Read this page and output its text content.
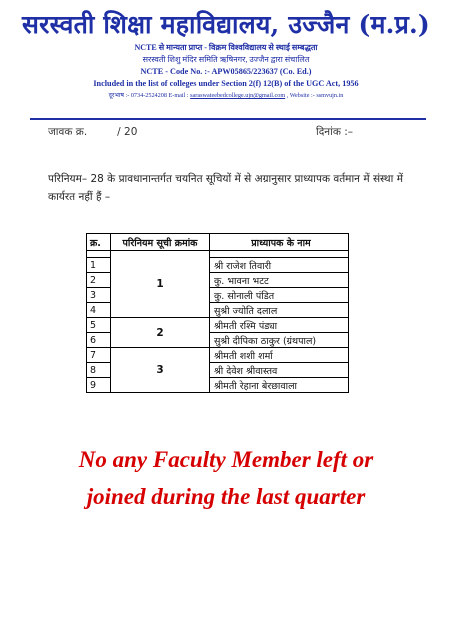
सरस्वती शिक्षा महाविद्यालय, उज्जैन (म.प्र.)
NCTE से मान्यता प्राप्त - विक्रम विश्वविद्यालय से स्थाई सम्बद्धता
सरस्वती शिशु मंदिर समिति ऋषिनगर, उज्जैन द्वारा संचालित
NCTE - Code No. :- APW05865/223637 (Co. Ed.)
Included in the list of colleges under Section 2(f) 12(B) of the UGC Act, 1956
दूरभाष :- 0734-2524208 E-mail : saraswateebedcollege.ujn@gmail.com , Website :- ssmvujn.in
जावक क्र.	/ 20	दिनांक :–
परिनियम– 28 के प्रावधानान्तर्गत चयनित सूचियों में से अग्रानुसार प्राध्यापक वर्तमान में संस्था में कार्यरत नहीं हैं –
क्र.	परिनियम सूची क्रमांक	प्राध्यापक के नाम
	1	
1		श्री राजेश तिवारी
2		कु. भावना भटट
3		कु. सोनाली पंडित
4		सुश्री ज्योति दलाल
5	2	श्रीमती रश्मि पंड्या
6		सुश्री दीपिका ठाकुर (ग्रंथपाल)
7	3	श्रीमती शशी शर्मा
8		श्री देवेश श्रीवास्तव
9		श्रीमती रेहाना बेरछावाला
No any Faculty Member left or
joined during the last quarter
